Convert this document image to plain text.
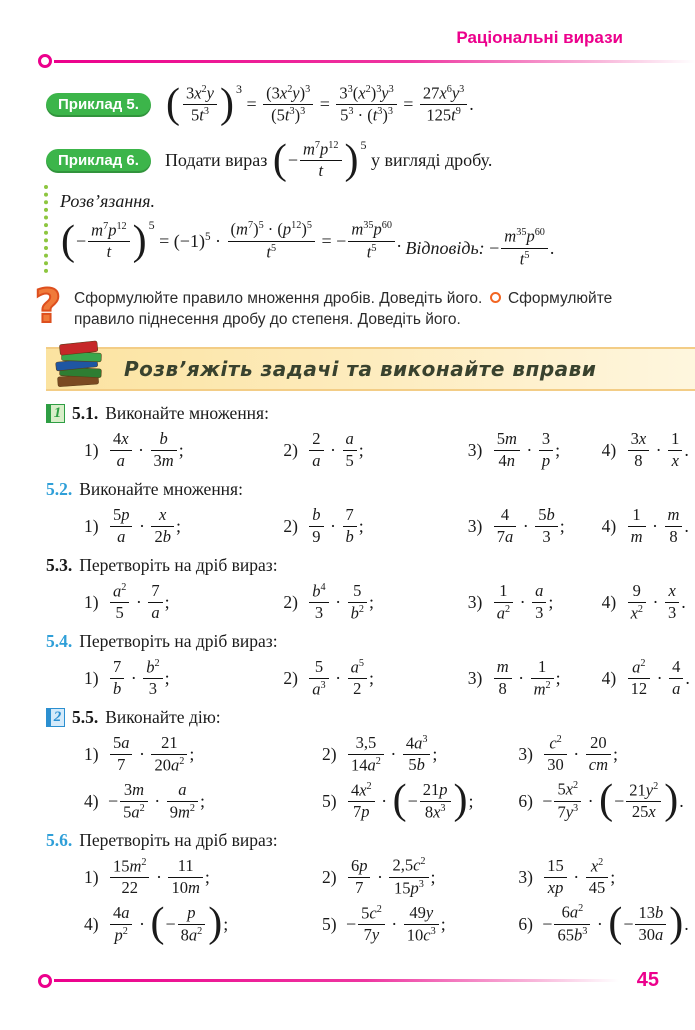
Раціональні вирази
Приклад 5. ( $\frac{3x^2y}{5t^3} )^3$
= $\frac{(3x^2y)^3}{(5t^3)^3} = \frac{3^3(x^2)^3y^3}{5^3 \cdot (t^3)^3} = \frac{27x^6y^3}{125t^9}$ .
Приклад 6.	Подати вираз ( − $\frac{m^7p^{12}}{t} )^5$
у вигляді дробу.
Розв’язання.
( − $\frac{m^7p^{12}}{t} )^5$
= $(-1)^5 \cdot \frac{(m^7)^5 \cdot (p^{12})^5}{t^5}$ = − $\frac{m^{35}p^{60}}{t^5}$ .
Відповідь: − $\frac{m^{35}p^{60}}{t^5}$ .
? Сформулюйте правило множення дробів. Доведіть його. Сформулюйте правило піднесення дробу до степеня. Доведіть його.

Розв’яжіть задачі та виконайте вправи
1 5.1. Виконайте множення:
$1) \frac{4x}{a} \cdot \frac{b}{3m}$ ;	$2) \frac{2}{a} \cdot \frac{a}{5}$ ;	$3) \frac{5m}{4n} \cdot \frac{3}{p}$ ; $4) \frac{3x}{8} \cdot \frac{1}{x}$ .
5.2. Виконайте множення:
$1) \frac{5p}{a} \cdot \frac{x}{2b}$ ;	$2) \frac{b}{9} \cdot \frac{7}{b}$ ;	$3) \frac{4}{7a} \cdot \frac{5b}{3}$ ; $4) \frac{1}{m} \cdot \frac{m}{8}$ .
5.3. Перетворіть на дріб вираз:
$1) \frac{a^2}{5} \cdot \frac{7}{a}$ ;	$2) \frac{b^4}{3} \cdot \frac{5}{b^2}$ ;	$3) \frac{1}{a^2} \cdot \frac{a}{3}$ ;	$4) \frac{9}{x^2} \cdot \frac{x}{3}$ .
5.4. Перетворіть на дріб вираз:
$1) \frac{7}{b} \cdot \frac{b^2}{3}$ ;	$2) \frac{5}{a^3} \cdot \frac{a^5}{2}$ ;	$3) \frac{m}{8} \cdot \frac{1}{m^2}$ ; $4) \frac{a^2}{12} \cdot \frac{4}{a}$ .
2 5.5. Виконайте дію:
$1) \frac{5a}{7} \cdot \frac{21}{20a^2}$ ;	$2) \frac{3,5}{14a^2} \cdot \frac{4a^3}{5b}$ ;	$3) \frac{c^2}{30} \cdot \frac{20}{cm}$ ;
$4) - \frac{3m}{5a^2} \cdot \frac{a}{9m^2}$ ;	$5) \frac{4x^2}{7p}$ · ( − $\frac{21p}{8x^3}$ ) ;	$6) - \frac{5x^2}{7y^3}$ · ( − $\frac{21y^2}{25x}$ ) .
5.6. Перетворіть на дріб вираз:
$1) \frac{15m^2}{22} \cdot \frac{11}{10m}$ ;	$2) \frac{6p}{7} \cdot \frac{2,5c^2}{15p^3}$ ;	$3) \frac{15}{xp} \cdot \frac{x^2}{45}$ ;
$4) \frac{4a}{p^2}$ · ( − $\frac{p}{8a^2}$ ) ;	$5) - \frac{5c^2}{7y} \cdot \frac{49y}{10c^3}$ ;	$6) - \frac{6a^2}{65b^3}$ · ( − $\frac{13b}{30a}$ ) .
45
